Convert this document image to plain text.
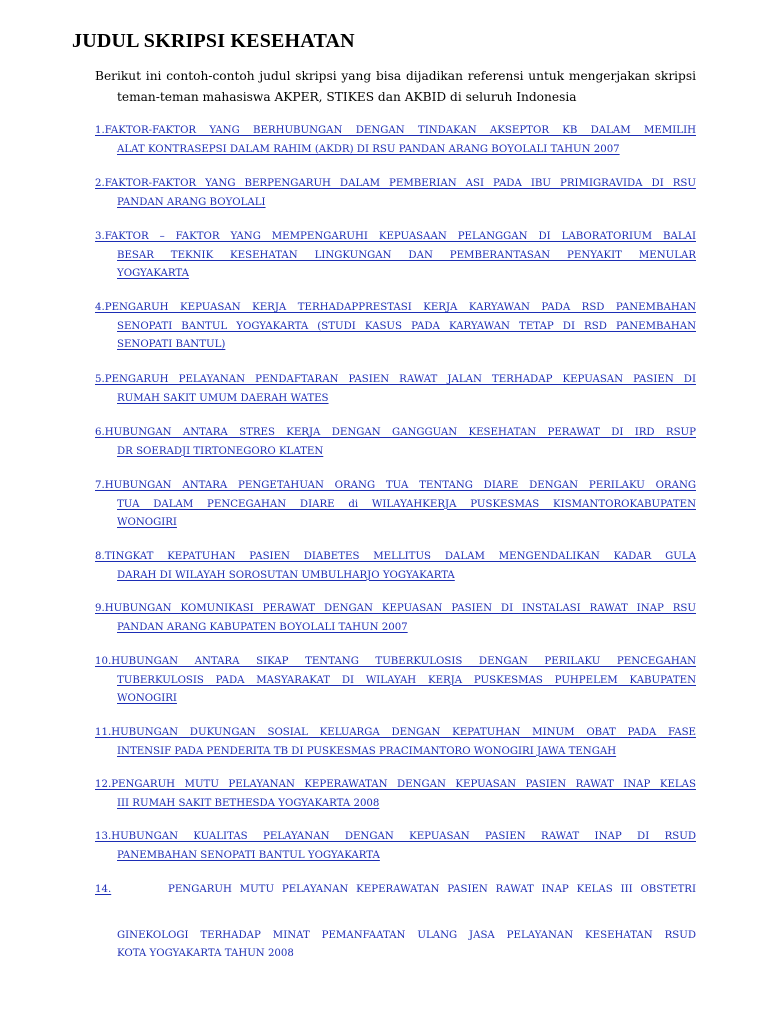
JUDUL SKRIPSI KESEHATAN

Berikut ini contoh-contoh judul skripsi yang bisa dijadikan referensi untuk mengerjakan skripsi
teman-teman mahasiswa AKPER, STIKES dan AKBID di seluruh Indonesia

1.FAKTOR-FAKTOR YANG BERHUBUNGAN DENGAN TINDAKAN AKSEPTOR KB DALAM MEMILIH
ALAT KONTRASEPSI DALAM RAHIM (AKDR) DI RSU PANDAN ARANG BOYOLALI TAHUN 2007
2.FAKTOR-FAKTOR YANG BERPENGARUH DALAM PEMBERIAN ASI PADA IBU PRIMIGRAVIDA DI RSU
PANDAN ARANG BOYOLALI
3.FAKTOR – FAKTOR YANG MEMPENGARUHI KEPUASAAN PELANGGAN DI LABORATORIUM BALAI
BESAR TEKNIK KESEHATAN LINGKUNGAN DAN PEMBERANTASAN PENYAKIT MENULAR
YOGYAKARTA
4.PENGARUH KEPUASAN KERJA TERHADAPPRESTASI KERJA KARYAWAN PADA RSD PANEMBAHAN
SENOPATI BANTUL YOGYAKARTA (STUDI KASUS PADA KARYAWAN TETAP DI RSD PANEMBAHAN
SENOPATI BANTUL)
5.PENGARUH PELAYANAN PENDAFTARAN PASIEN RAWAT JALAN TERHADAP KEPUASAN PASIEN DI
RUMAH SAKIT UMUM DAERAH WATES
6.HUBUNGAN ANTARA STRES KERJA DENGAN GANGGUAN KESEHATAN PERAWAT DI IRD RSUP
DR SOERADJI TIRTONEGORO KLATEN
7.HUBUNGAN ANTARA PENGETAHUAN ORANG TUA TENTANG DIARE DENGAN PERILAKU ORANG
TUA DALAM PENCEGAHAN DIARE di WILAYAHKERJA PUSKESMAS KISMANTOROKABUPATEN
WONOGIRI
8.TINGKAT KEPATUHAN PASIEN DIABETES MELLITUS DALAM MENGENDALIKAN KADAR GULA
DARAH DI WILAYAH SOROSUTAN UMBULHARJO YOGYAKARTA
9.HUBUNGAN KOMUNIKASI PERAWAT DENGAN KEPUASAN PASIEN DI INSTALASI RAWAT INAP RSU
PANDAN ARANG KABUPATEN BOYOLALI TAHUN 2007
10.HUBUNGAN ANTARA SIKAP TENTANG TUBERKULOSIS DENGAN PERILAKU PENCEGAHAN
TUBERKULOSIS PADA MASYARAKAT DI WILAYAH KERJA PUSKESMAS PUHPELEM KABUPATEN
WONOGIRI
11.HUBUNGAN DUKUNGAN SOSIAL KELUARGA DENGAN KEPATUHAN MINUM OBAT PADA FASE
INTENSIF PADA PENDERITA TB DI PUSKESMAS PRACIMANTORO WONOGIRI JAWA TENGAH
12.PENGARUH MUTU PELAYANAN KEPERAWATAN DENGAN KEPUASAN PASIEN RAWAT INAP KELAS
III RUMAH SAKIT BETHESDA YOGYAKARTA 2008
13.HUBUNGAN KUALITAS PELAYANAN DENGAN KEPUASAN PASIEN RAWAT INAP DI RSUD
PANEMBAHAN SENOPATI BANTUL YOGYAKARTA
14.	PENGARUH MUTU PELAYANAN KEPERAWATAN PASIEN RAWAT INAP KELAS III OBSTETRI
GINEKOLOGI TERHADAP MINAT PEMANFAATAN ULANG JASA PELAYANAN KESEHATAN RSUD
KOTA YOGYAKARTA TAHUN 2008
